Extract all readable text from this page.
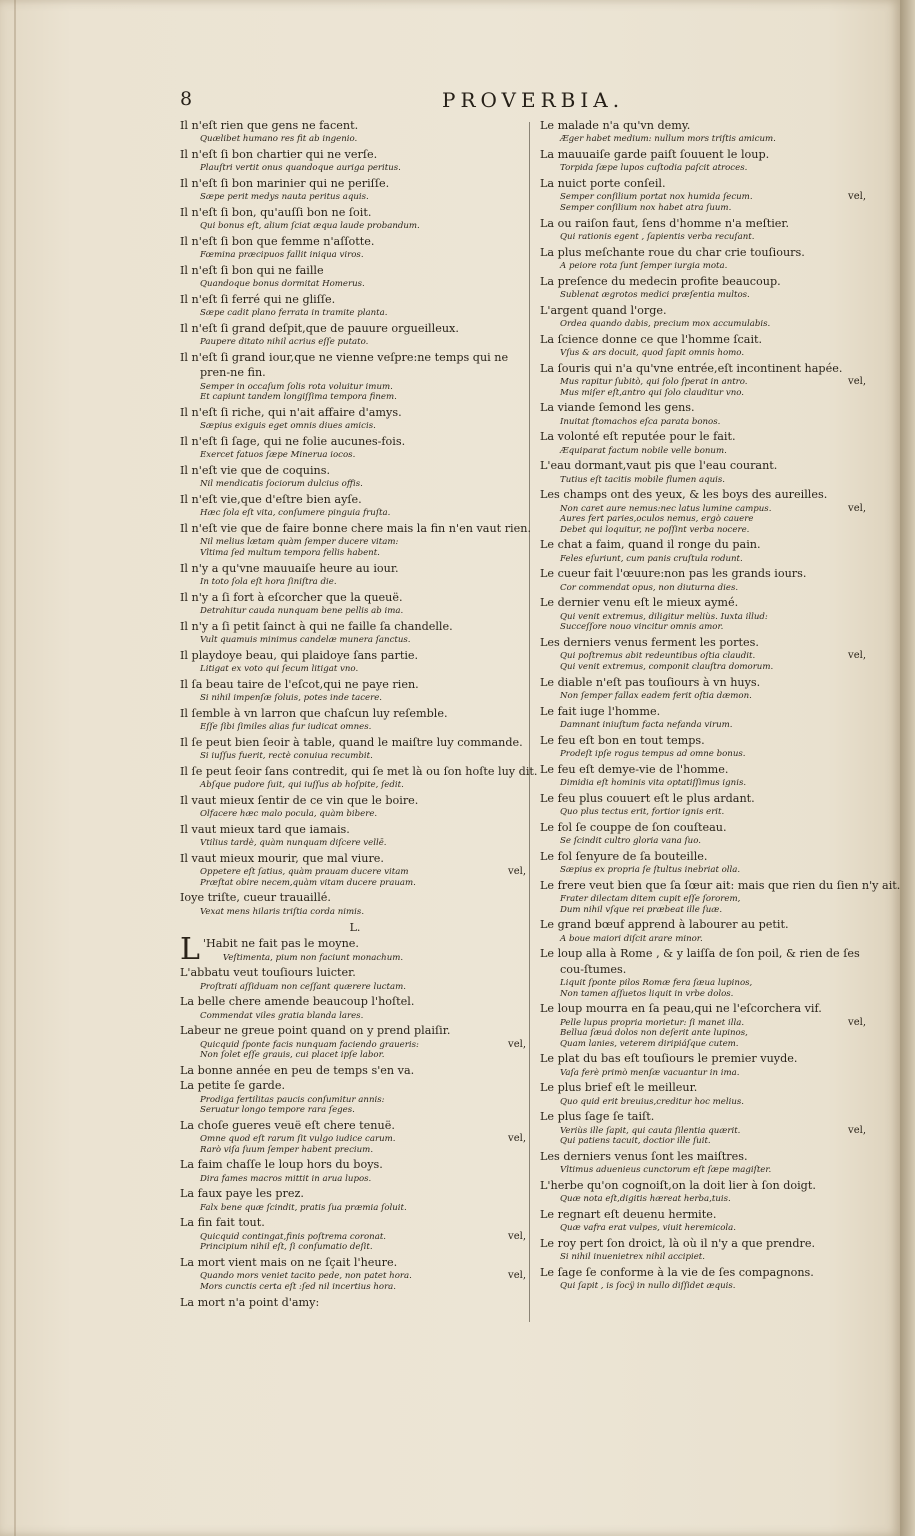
8	PROVERBIA.
Il n'eſt rien que gens ne facent.
Quælibet humano res fit ab ingenio.
Il n'eſt ſi bon chartier qui ne verſe.
Plauſtri vertit onus quandoque auriga peritus.
Il n'eſt ſi bon marinier qui ne periſſe.
Sæpe perit medys nauta peritus aquis.
Il n'eſt ſi bon, qu'auſſi bon ne ſoit.
Qui bonus eſt, alium ſciat æqua laude probandum.
Il n'eſt ſi bon que femme n'aſſotte.
Fœmina præcipuos fallit iniqua viros.
Il n'eſt ſi bon qui ne faille
Quandoque bonus dormitat Homerus.
Il n'eſt ſi ferré qui ne gliſſe.
Sæpe cadit plano ferrata in tramite planta.
Il n'eſt ſi grand deſpit,que de pauure orgueilleux.
Paupere ditato nihil acrius eſſe putato.
Il n'eſt ſi grand iour,que ne vienne veſpre:ne temps qui ne pren-ne fin.
Semper in occaſum ſolis rota voluitur imum.
Et capiunt tandem longiſſima tempora finem.
Il n'eſt ſi riche, qui n'ait affaire d'amys.
Sæpius exiguis eget omnis diues amicis.
Il n'eſt ſi ſage, qui ne folie aucunes-fois.
Exercet fatuos ſæpe Minerua iocos.
Il n'eſt vie que de coquins.
Nil mendicatis ſociorum dulcius offis.
Il n'eſt vie,que d'eſtre bien ayſe.
Hæc ſola eſt vita, conſumere pinguia fruſta.
Il n'eſt vie que de faire bonne chere mais la fin n'en vaut rien.
Nil melius lætam quàm ſemper ducere vitam:
Vltima ſed multum tempora fellis habent.
Il n'y a qu'vne mauuaiſe heure au iour.
In toto ſola eſt hora ſiniſtra die.
Il n'y a ſi fort à eſcorcher que la queuë.
Detrahitur cauda nunquam bene pellis ab ima.
Il n'y a ſi petit ſainct à qui ne faille ſa chandelle.
Vult quamuis minimus candelæ munera ſanctus.
Il playdoye beau, qui plaidoye ſans partie.
Litigat ex voto qui ſecum litigat vno.
Il ſa beau taire de l'eſcot,qui ne paye rien.
Si nihil impenſæ ſoluis, potes inde tacere.
Il ſemble à vn larron que chaſcun luy reſemble.
Eſſe ſibi ſimiles alias fur iudicat omnes.
Il ſe peut bien ſeoir à table, quand le maiſtre luy commande.
Si iuſſus fuerit, rectè conuiua recumbit.
Il ſe peut ſeoir ſans contredit, qui ſe met là ou ſon hoſte luy dit.
Abſque pudore ſuit, qui iuſſus ab hoſpite, ſedit.
Il vaut mieux ſentir de ce vin que le boire.
Olfacere hæc malo pocula, quàm bibere.
Il vaut mieux tard que iamais.
Vtilius tardè, quàm nunquam diſcere vellē.
Il vaut mieux mourir, que mal viure.
Oppetere eſt ſatius, quàm prauam ducere vitam	vel,
Præſtat obire necem,quàm vitam ducere prauam.
Ioye triſte, cueur trauaillé.
Vexat mens hilaris triſtia corda nimis.
L.
L 'Habit ne fait pas le moyne.
Veſtimenta, pium non faciunt monachum.
L'abbatu veut touſiours luicter.
Proſtrati aſſiduam non ceſſant quærere luctam.
La belle chere amende beaucoup l'hoſtel.
Commendat viles gratia blanda lares.
Labeur ne greue point quand on y prend plaiſir.
Quicquid ſponte facis nunquam faciendo graueris:	vel,
Non ſolet eſſe grauis, cui placet ipſe labor.
La bonne année en peu de temps s'en va.
La petite ſe garde.
Prodiga fertilitas paucis conſumitur annis:
Seruatur longo tempore rara ſeges.
La choſe gueres veuë eſt chere tenuë.
Omne quod eſt rarum ſit vulgo iudice carum.	vel,
Rarò viſa ſuum ſemper habent precium.
La faim chaſſe le loup hors du boys.
Dira fames macros mittit in arua lupos.
La faux paye les prez.
Falx bene quæ ſcindit, pratis ſua præmia ſoluit.
La fin fait tout.
Quicquid contingat,finis poſtrema coronat.	vel,
Principium nihil eſt, ſi conſumatio deſit.
La mort vient mais on ne ſçait l'heure.
Quando mors veniet tacito pede, non patet hora.	vel,
Mors cunctis certa eſt :ſed nil incertius hora.
La mort n'a point d'amy:
Le malade n'a qu'vn demy.
Æger habet medium: nullum mors triſtis amicum.
La mauuaiſe garde paiſt ſouuent le loup.
Torpida ſæpe lupos cuſtodia paſcit atroces.
La nuict porte conſeil.
Semper conſilium portat nox humida ſecum.	vel,
Semper conſilium nox habet atra ſuum.
La ou raiſon faut, ſens d'homme n'a meſtier.
Qui rationis egent , ſapientis verba recuſant.
La plus meſchante roue du char crie touſiours.
A peiore rota ſunt ſemper iurgia mota.
La preſence du medecin profite beaucoup.
Sublenat ægrotos medici præſentia multos.
L'argent quand l'orge.
Ordea quando dabis, precium mox accumulabis.
La ſcience donne ce que l'homme ſcait.
Vſus & ars docuit, quod ſapit omnis homo.
La ſouris qui n'a qu'vne entrée,eſt incontinent hapée.
Mus rapitur ſubitò, qui ſolo ſperat in antro.	vel,
Mus miſer eſt,antro qui ſolo clauditur vno.
La viande ſemond les gens.
Inuitat ſtomachos eſca parata bonos.
La volonté eſt reputée pour le fait.
Æquiparat factum nobile velle bonum.
L'eau dormant,vaut pis que l'eau courant.
Tutius eſt tacitis mobile flumen aquis.
Les champs ont des yeux, & les boys des aureilles.
Non caret aure nemus:nec latus lumine campus.	vel,
Aures fert paries,oculos nemus, ergò cauere
Debet qui loquitur, ne poſſint verba nocere.
Le chat a faim, quand il ronge du pain.
Feles eſuriunt, cum panis cruſtula rodunt.
Le cueur fait l'œuure:non pas les grands iours.
Cor commendat opus, non diuturna dies.
Le dernier venu eſt le mieux aymé.
Qui venit extremus, diligitur meliùs. Iuxta illud:
Succeſſore nouo vincitur omnis amor.
Les derniers venus ferment les portes.
Qui poſtremus abit redeuntibus oſtia claudit.	vel,
Qui venit extremus, componit clauſtra domorum.
Le diable n'eſt pas touſiours à vn huys.
Non ſemper fallax eadem ferit oſtia dæmon.
Le fait iuge l'homme.
Damnant iniuſtum facta nefanda virum.
Le feu eſt bon en tout temps.
Prodeſt ipſe rogus tempus ad omne bonus.
Le feu eſt demye-vie de l'homme.
Dimidia eſt hominis vita optatiſſimus ignis.
Le feu plus couuert eſt le plus ardant.
Quo plus tectus erit, fortior ignis erit.
Le fol ſe couppe de ſon couſteau.
Se ſcindit cultro gloria vana ſuo.
Le fol ſenyure de ſa bouteille.
Sæpius ex propria ſe ſtultus inebriat olla.
Le frere veut bien que ſa ſœur ait: mais que rien du ſien n'y ait.
Frater dilectam ditem cupit eſſe ſororem,
Dum nihil vſque rei præbeat ille ſuæ.
Le grand bœuf apprend à labourer au petit.
A boue maiori diſcit arare minor.
Le loup alla à Rome , & y laiſſa de ſon poil, & rien de ſes cou-ſtumes.
Liquit ſponte pilos Romæ fera ſæua lupinos,
Non tamen aſſuetos liquit in vrbe dolos.
Le loup mourra en ſa peau,qui ne l'eſcorchera vif.
Pelle lupus propria morietur: ſi manet illa.	vel,
Bellua ſæuá dolos non deſerit ante lupinos,
Quam lanies, veterem diripiáſque cutem.
Le plat du bas eſt touſiours le premier vuyde.
Vaſa ferè primò menſæ vacuantur in ima.
Le plus brief eſt le meilleur.
Quo quid erit breuius,creditur hoc melius.
Le plus ſage ſe taiſt.
Veriùs ille ſapit, qui cauta ſilentia quærit.	vel,
Qui patiens tacuit, doctior ille ſuit.
Les derniers venus ſont les maiſtres.
Vltimus aduenieus cunctorum eſt ſæpe magiſter.
L'herbe qu'on cognoiſt,on la doit lier à ſon doigt.
Quæ nota eſt,digitis hæreat herba,tuis.
Le regnart eſt deuenu hermite.
Quæ vafra erat vulpes, viuit heremicola.
Le roy pert ſon droict, là où il n'y a que prendre.
Si nihil inuenietrex nihil accipiet.
Le ſage ſe conforme à la vie de ſes compagnons.
Qui ſapit , is ſocÿ in nullo diſſidet æquis.
